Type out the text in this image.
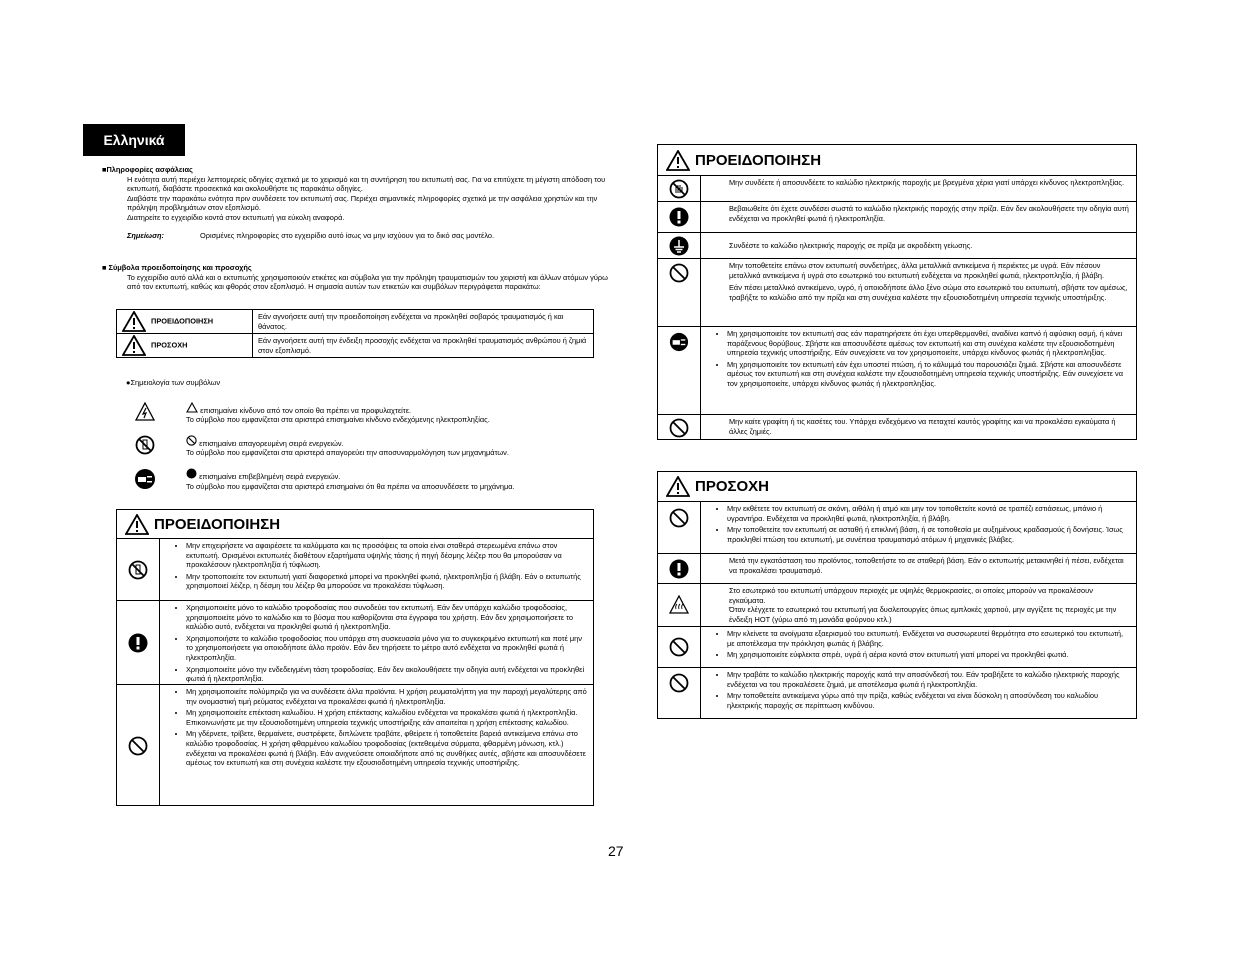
Ελληνικά
■Πληροφορίες ασφάλειας

Η ενότητα αυτή περιέχει λεπτομερείς οδηγίες σχετικά με το χειρισμό και τη συντήρηση του εκτυπωτή σας. Για να επιτύχετε τη μέγιστη απόδοση του εκτυπωτή, διαβάστε προσεκτικά και ακολουθήστε τις παρακάτω οδηγίες.

Διαβάστε την παρακάτω ενότητα πριν συνδέσετε τον εκτυπωτή σας. Περιέχει σημαντικές πληροφορίες σχετικά με την ασφάλεια χρηστών και την πρόληψη προβλημάτων στον εξοπλισμό.

Διατηρείτε το εγχειρίδιο κοντά στον εκτυπωτή για εύκολη αναφορά.

Σημείωση:	Ορισμένες πληροφορίες στο εγχειρίδιο αυτό ίσως να μην ισχύουν για το δικό σας μοντέλο.
■ Σύμβολα προειδοποίησης και προσοχής
Το εγχειρίδιο αυτό αλλά και ο εκτυπωτής χρησιμοποιούν ετικέτες και σύμβολα για την πρόληψη τραυματισμών του χειριστή και άλλων ατόμων γύρω από τον εκτυπωτή, καθώς και φθοράς στον εξοπλισμό. Η σημασία αυτών των ετικετών και συμβόλων περιγράφεται παρακάτω:
ΠΡΟΕΙΔΟΠΟΙΗΣΗ	Εάν αγνοήσετε αυτή την προειδοποίηση ενδέχεται να προκληθεί σοβαρός τραυματισμός ή και θάνατος.
ΠΡΟΣΟΧΗ	Εάν αγνοήσετε αυτή την ένδειξη προσοχής ενδέχεται να προκληθεί τραυματισμός ανθρώπου ή ζημιά στον εξοπλισμό.
●Σημειολογία των συμβόλων
επισημαίνει κίνδυνο από τον οποίο θα πρέπει να προφυλαχτείτε.
Το σύμβολο που εμφανίζεται στα αριστερά επισημαίνει κίνδυνο ενδεχόμενης ηλεκτροπληξίας.
επισημαίνει απαγορευμένη σειρά ενεργειών.
Το σύμβολο που εμφανίζεται στα αριστερά απαγορεύει την αποσυναρμολόγηση των μηχανημάτων.
επισημαίνει επιβεβλημένη σειρά ενεργειών.
Το σύμβολο που εμφανίζεται στα αριστερά επισημαίνει ότι θα πρέπει να αποσυνδέσετε το μηχάνημα.
ΠΡΟΕΙΔΟΠΟΙΗΣΗ
• Μην επιχειρήσετε να αφαιρέσετε τα καλύμματα και τις προσόψεις τα οποία είναι σταθερά στερεωμένα επάνω στον εκτυπωτή. Ορισμένοι εκτυπωτές διαθέτουν εξαρτήματα υψηλής τάσης ή πηγή δέσμης λέιζερ που θα μπορούσαν να προκαλέσουν ηλεκτροπληξία ή τύφλωση.
• Μην τροποποιείτε τον εκτυπωτή γιατί διαφορετικά μπορεί να προκληθεί φωτιά, ηλεκτροπληξία ή βλάβη. Εάν ο εκτυπωτής χρησιμοποιεί λέιζερ, η δέσμη του λέιζερ θα μπορούσε να προκαλέσει τύφλωση.
• Χρησιμοποιείτε μόνο το καλώδιο τροφοδοσίας που συνοδεύει τον εκτυπωτή. Εάν δεν υπάρχει καλώδιο τροφοδοσίας, χρησιμοποιείτε μόνο το καλώδιο και το βύσμα που καθορίζονται στα έγγραφα του χρήστη. Εάν δεν χρησιμοποιήσετε το καλώδιο αυτό, ενδέχεται να προκληθεί φωτιά ή ηλεκτροπληξία.
• Χρησιμοποιήστε το καλώδιο τροφοδοσίας που υπάρχει στη συσκευασία μόνο για το συγκεκριμένο εκτυπωτή και ποτέ μην το χρησιμοποιήσετε για οποιοδήποτε άλλο προϊόν. Εάν δεν τηρήσετε το μέτρο αυτό ενδέχεται να προκληθεί φωτιά ή ηλεκτροπληξία.
• Χρησιμοποιείτε μόνο την ενδεδειγμένη τάση τροφοδοσίας. Εάν δεν ακολουθήσετε την οδηγία αυτή ενδέχεται να προκληθεί φωτιά ή ηλεκτροπληξία.
• Μη χρησιμοποιείτε πολύμπριζο για να συνδέσετε άλλα προϊόντα. Η χρήση ρευματολήπτη για την παροχή μεγαλύτερης από την ονομαστική τιμή ρεύματος ενδέχεται να προκαλέσει φωτιά ή ηλεκτροπληξία.
• Μη χρησιμοποιείτε επέκταση καλωδίου. Η χρήση επέκτασης καλωδίου ενδέχεται να προκαλέσει φωτιά ή ηλεκτροπληξία. Επικοινωνήστε με την εξουσιοδοτημένη υπηρεσία τεχνικής υποστήριξης εάν απαιτείται η χρήση επέκτασης καλωδίου.
• Μη γδέρνετε, τρίβετε, θερμαίνετε, συστρέφετε, διπλώνετε τραβάτε, φθείρετε ή τοποθετείτε βαρειά αντικείμενα επάνω στο καλώδιο τροφοδοσίας. Η χρήση φθαρμένου καλωδίου τροφοδοσίας (εκτεθειμένα σύρματα, φθαρμένη μόνωση, κτλ.) ενδέχεται να προκαλέσει φωτιά ή βλάβη. Εάν ανιχνεύσετε οποιαδήποτε από τις συνθήκες αυτές, σβήστε και αποσυνδέσετε αμέσως τον εκτυπωτή και στη συνέχεια καλέστε την εξουσιοδοτημένη υπηρεσία τεχνικής υποστήριξης.
ΠΡΟΕΙΔΟΠΟΙΗΣΗ
Μην συνδέετε ή αποσυνδέετε το καλώδιο ηλεκτρικής παροχής με βρεγμένα χέρια γιατί υπάρχει κίνδυνος ηλεκτροπληξίας.
Βεβαιωθείτε ότι έχετε συνδέσει σωστά το καλώδιο ηλεκτρικής παροχής στην πρίζα. Εάν δεν ακολουθήσετε την οδηγία αυτή ενδέχεται να προκληθεί φωτιά ή ηλεκτροπληξία.
Συνδέστε το καλώδιο ηλεκτρικής παροχής σε πρίζα με ακροδέκτη γείωσης.
Μην τοποθετείτε επάνω στον εκτυπωτή συνδετήρες, άλλα μεταλλικά αντικείμενα ή περιέκτες με υγρά. Εάν πέσουν μεταλλικά αντικείμενα ή υγρά στο εσωτερικό του εκτυπωτή ενδέχεται να προκληθεί φωτιά, ηλεκτροπληξία, ή βλάβη.
Εάν πέσει μεταλλικό αντικείμενο, υγρό, ή οποιοδήποτε άλλο ξένο σώμα στο εσωτερικό του εκτυπωτή, σβήστε τον αμέσως, τραβήξτε το καλώδιο από την πρίζα και στη συνέχεια καλέστε την εξουσιοδοτημένη υπηρεσία τεχνικής υποστήριξης.
• Μη χρησιμοποιείτε τον εκτυπωτή σας εάν παρατηρήσετε ότι έχει υπερθερμανθεί, αναδίνει καπνό ή αφύσικη οσμή, ή κάνει παράξενους θορύβους. Σβήστε και αποσυνδέστε αμέσως τον εκτυπωτή και στη συνέχεια καλέστε την εξουσιοδοτημένη υπηρεσία τεχνικής υποστήριξης. Εάν συνεχίσετε να τον χρησιμοποιείτε, υπάρχει κίνδυνος φωτιάς ή ηλεκτροπληξίας.
• Μη χρησιμοποιείτε τον εκτυπωτή εάν έχει υποστεί πτώση, ή το κάλυμμά του παρουσιάζει ζημιά. Σβήστε και αποσυνδέστε αμέσως τον εκτυπωτή και στη συνέχεια καλέστε την εξουσιοδοτημένη υπηρεσία τεχνικής υποστήριξης. Εάν συνεχίσετε να τον χρησιμοποιείτε, υπάρχει κίνδυνος φωτιάς ή ηλεκτροπληξίας.
Μην καίτε γραφίτη ή τις κασέτες του. Υπάρχει ενδεχόμενο να πεταχτεί καυτός γραφίτης και να προκαλέσει εγκαύματα ή άλλες ζημιές.
ΠΡΟΣΟΧΗ
• Μην εκθέτετε τον εκτυπωτή σε σκόνη, αιθάλη ή ατμό και μην τον τοποθετείτε κοντά σε τραπέζι εστιάσεως, μπάνιο ή υγραντήρα. Ενδέχεται να προκληθεί φωτιά, ηλεκτροπληξία, ή βλάβη.
• Μην τοποθετείτε τον εκτυπωτή σε ασταθή ή επικλινή βάση, ή σε τοποθεσία με αυξημένους κραδασμούς ή δονήσεις. Ίσως προκληθεί πτώση του εκτυπωτή, με συνέπεια τραυματισμό ατόμων ή μηχανικές βλάβες.
Μετά την εγκατάσταση του προϊόντος, τοποθετήστε το σε σταθερή βάση. Εάν ο εκτυπωτής μετακινηθεί ή πέσει, ενδέχεται να προκαλέσει τραυματισμό.
Στο εσωτερικό του εκτυπωτή υπάρχουν περιοχές με υψηλές θερμοκρασίες, οι οποίες μπορούν να προκαλέσουν εγκαύματα.
Όταν ελέγχετε το εσωτερικό του εκτυπωτή για δυσλειτουργίες όπως εμπλοκές χαρτιού, μην αγγίζετε τις περιοχές με την ένδειξη HOT (γύρω από τη μονάδα φούρνου κτλ.)
• Μην κλείνετε τα ανοίγματα εξαερισμού του εκτυπωτή. Ενδέχεται να συσσωρευτεί θερμότητα στο εσωτερικό του εκτυπωτή, με αποτέλεσμα την πρόκληση φωτιάς ή βλάβης.
• Μη χρησιμοποιείτε εύφλεκτα σπρέι, υγρά ή αέρια κοντά στον εκτυπωτή γιατί μπορεί να προκληθεί φωτιά.
• Μην τραβάτε το καλώδιο ηλεκτρικής παροχής κατά την αποσύνδεσή του. Εάν τραβήξετε το καλώδιο ηλεκτρικής παροχής ενδέχεται να του προκαλέσετε ζημιά, με αποτέλεσμα φωτιά ή ηλεκτροπληξία.
• Μην τοποθετείτε αντικείμενα γύρω από την πρίζα, καθώς ενδέχεται να είναι δύσκολη η αποσύνδεση του καλωδίου ηλεκτρικής παροχής σε περίπτωση κινδύνου.
27
